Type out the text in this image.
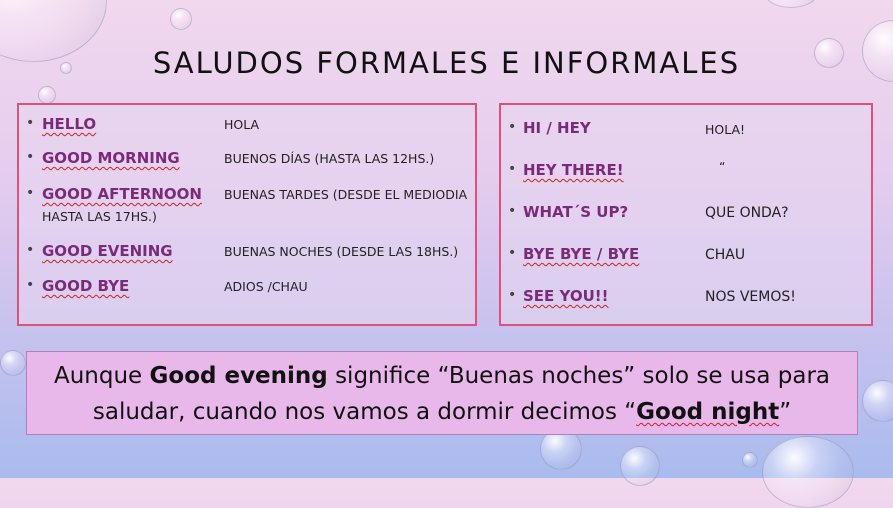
SALUDOS FORMALES E INFORMALES
• HELLO	HOLA
• GOOD MORNING	BUENOS DÍAS (HASTA LAS 12HS.)
• GOOD AFTERNOON BUENAS TARDES (DESDE EL MEDIODIA
HASTA LAS 17HS.)
• GOOD EVENING	BUENAS NOCHES (DESDE LAS 18HS.)
• GOOD BYE	ADIOS /CHAU
• HI / HEY	HOLA!
• HEY THERE!	“
• WHAT´S UP?	QUE ONDA?
• BYE BYE / BYE	CHAU
• SEE YOU!!	NOS VEMOS!
Aunque Good evening significe “Buenas noches” solo se usa para saludar, cuando nos vamos a dormir decimos “Good night”
